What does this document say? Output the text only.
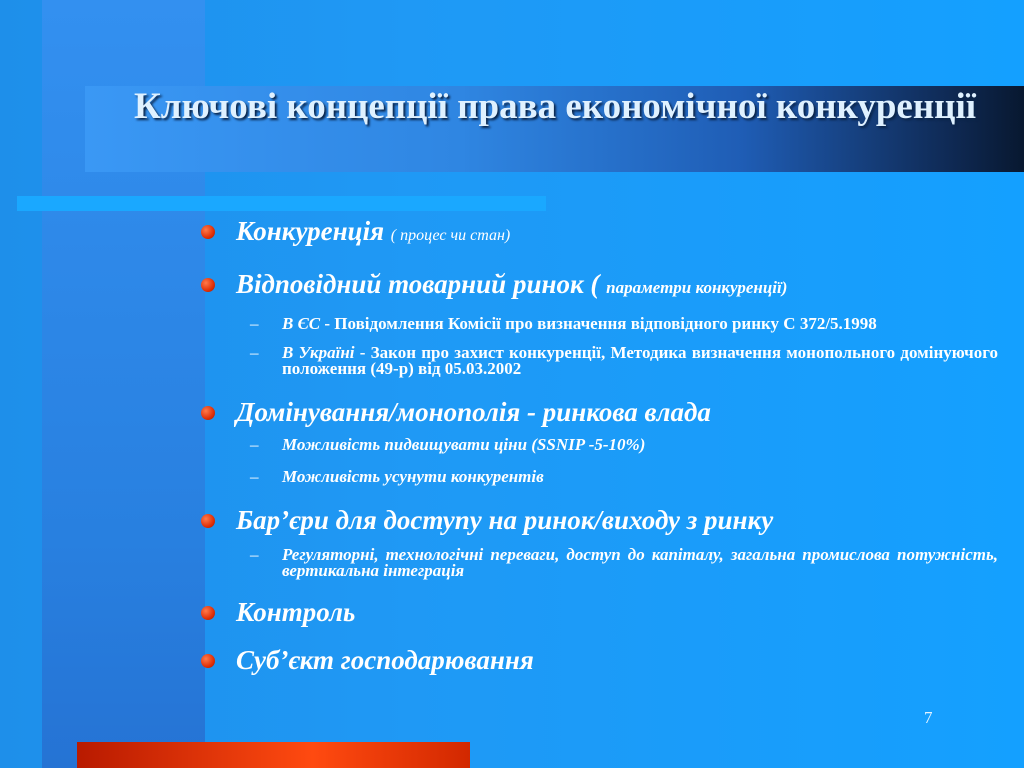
Ключові концепції права економічної конкуренції
7
Конкуренція ( процес чи стан)
Відповідний товарний ринок ( параметри конкуренції)
– В ЄС - Повідомлення Комісії про визначення відповідного ринку С 372/5.1998
– В Україні - Закон про захист конкуренції, Методика визначення монопольного домінуючого положення (49-р) від 05.03.2002
Домінування/монополія - ринкова влада
– Можливість пидвищувати ціни (SSNIP -5-10%)
– Можливість усунути конкурентів
Бар’єри для доступу на ринок/виходу з ринку
– Регуляторні, технологічні переваги, доступ до капіталу, загальна промислова потужність, вертикальна інтеграція
Контроль
Суб’єкт господарювання
